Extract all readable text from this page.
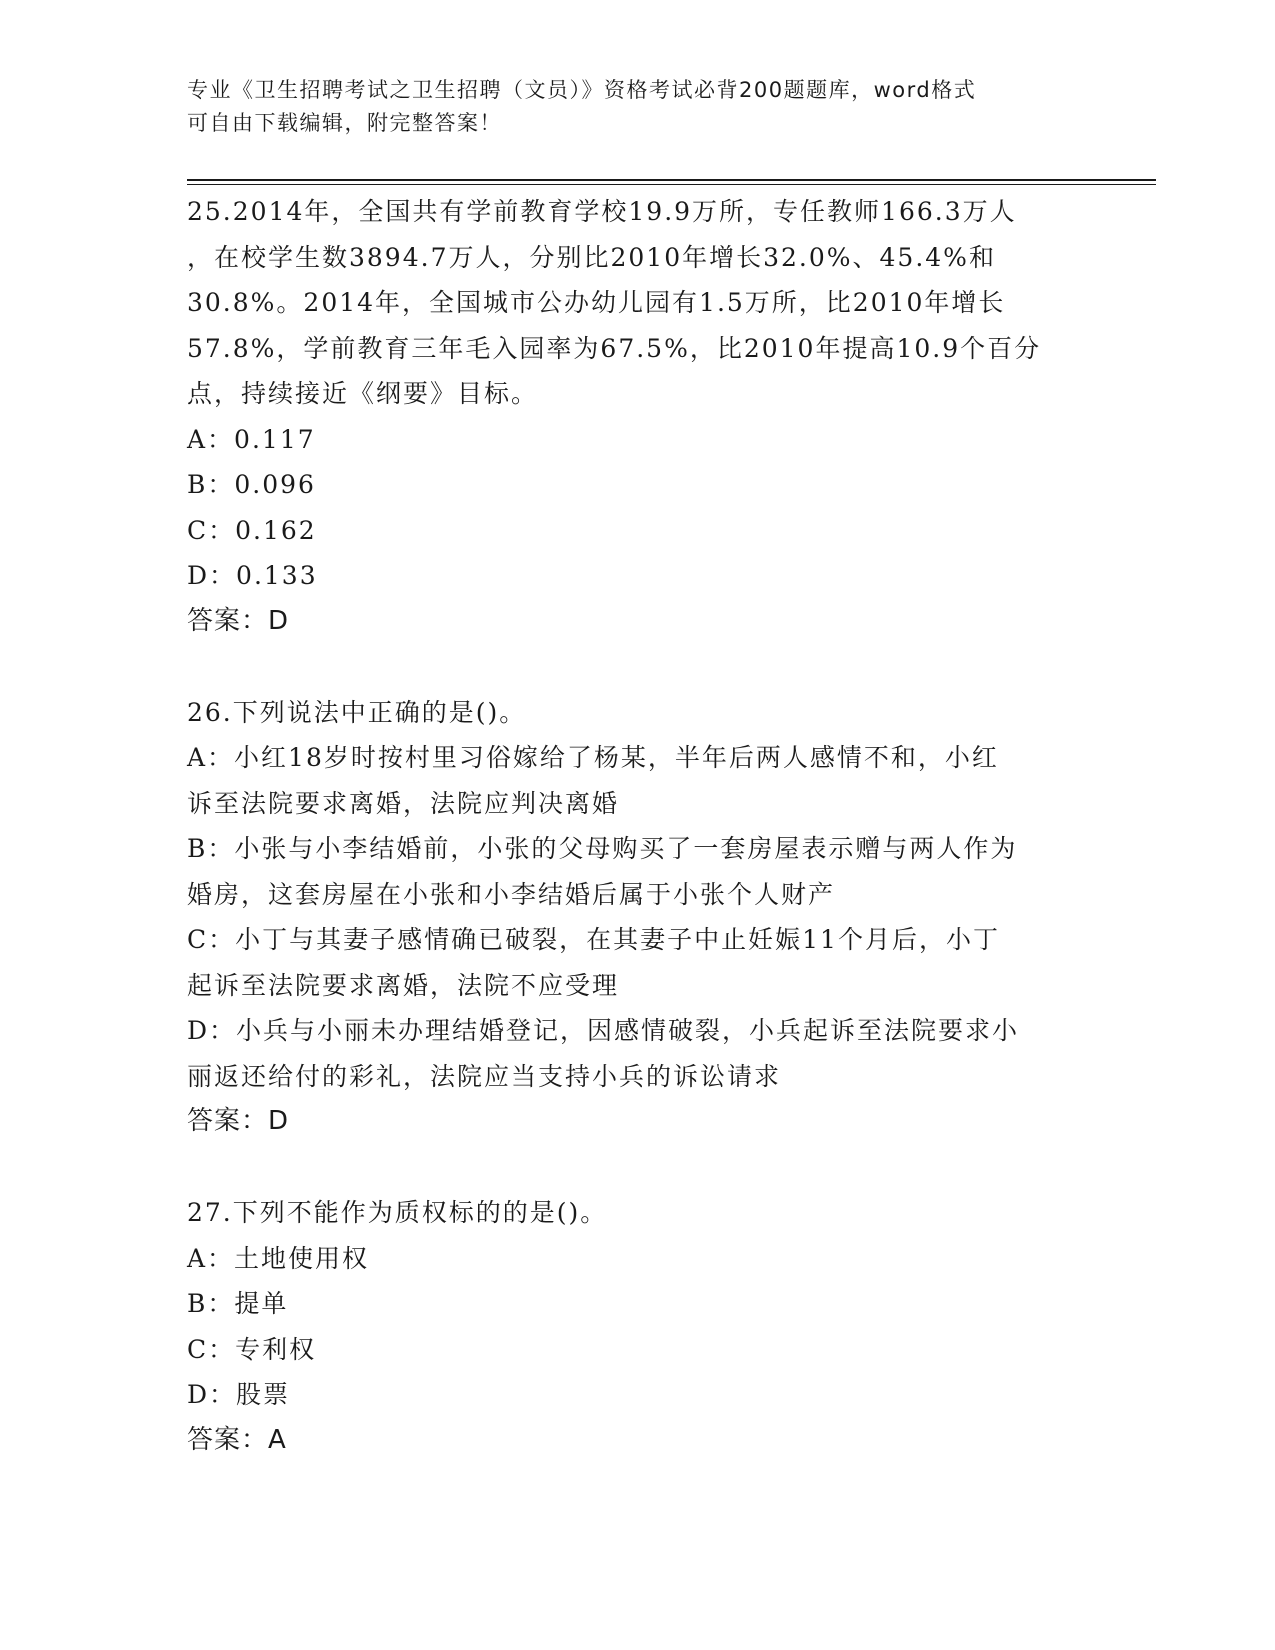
专业《卫生招聘考试之卫生招聘（文员）》资格考试必背200题题库，word格式
可自由下载编辑，附完整答案！
25.2014年，全国共有学前教育学校19.9万所，专任教师166.3万人
，在校学生数3894.7万人，分别比2010年增长32.0%、45.4%和
30.8%。2014年，全国城市公办幼儿园有1.5万所，比2010年增长
57.8%，学前教育三年毛入园率为67.5%，比2010年提高10.9个百分
点，持续接近《纲要》目标。
A：0.117
B：0.096
C：0.162
D：0.133
答案：D
26.下列说法中正确的是()。
A：小红18岁时按村里习俗嫁给了杨某，半年后两人感情不和，小红
诉至法院要求离婚，法院应判决离婚
B：小张与小李结婚前，小张的父母购买了一套房屋表示赠与两人作为
婚房，这套房屋在小张和小李结婚后属于小张个人财产
C：小丁与其妻子感情确已破裂，在其妻子中止妊娠11个月后，小丁
起诉至法院要求离婚，法院不应受理
D：小兵与小丽未办理结婚登记，因感情破裂，小兵起诉至法院要求小
丽返还给付的彩礼，法院应当支持小兵的诉讼请求
答案：D
27.下列不能作为质权标的的是()。
A：土地使用权
B：提单
C：专利权
D：股票
答案：A
